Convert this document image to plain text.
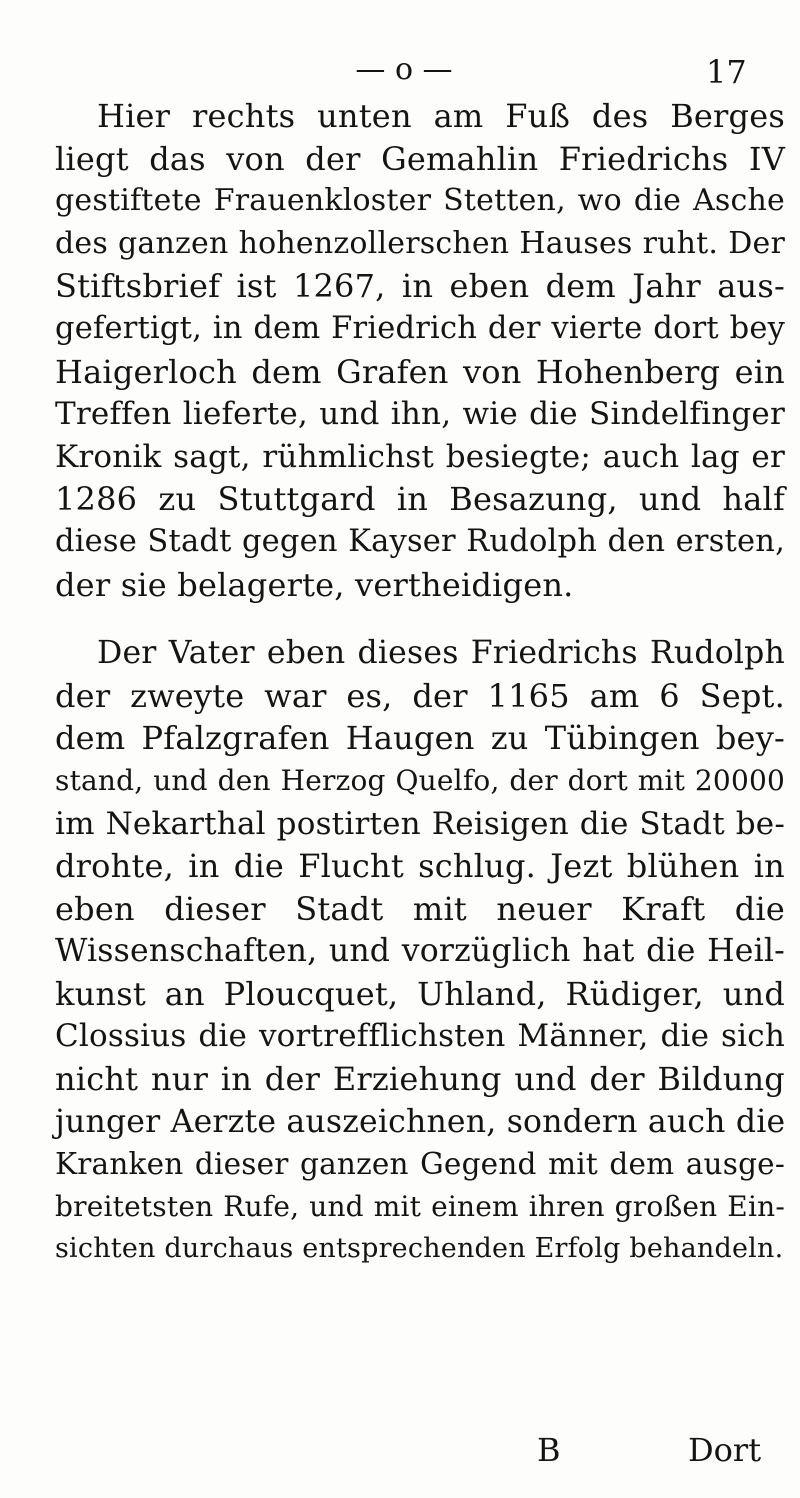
— o —	17
Hier rechts unten am Fuß des Berges
liegt das von der Gemahlin Friedrichs IV
gestiftete Frauenkloster Stetten, wo die Asche
des ganzen hohenzollerschen Hauses ruht. Der
Stiftsbrief ist 1267, in eben dem Jahr aus-
gefertigt, in dem Friedrich der vierte dort bey
Haigerloch dem Grafen von Hohenberg ein
Treffen lieferte, und ihn, wie die Sindelfinger
Kronik sagt, rühmlichst besiegte; auch lag er
1286 zu Stuttgard in Besazung, und half
diese Stadt gegen Kayser Rudolph den ersten,
der sie belagerte, vertheidigen.
Der Vater eben dieses Friedrichs Rudolph
der zweyte war es, der 1165 am 6 Sept.
dem Pfalzgrafen Haugen zu Tübingen bey-
stand, und den Herzog Quelfo, der dort mit 20000
im Nekarthal postirten Reisigen die Stadt be-
drohte, in die Flucht schlug. Jezt blühen in
eben dieser Stadt mit neuer Kraft die
Wissenschaften, und vorzüglich hat die Heil-
kunst an Ploucquet, Uhland, Rüdiger, und
Clossius die vortrefflichsten Männer, die sich
nicht nur in der Erziehung und der Bildung
junger Aerzte auszeichnen, sondern auch die
Kranken dieser ganzen Gegend mit dem ausge-
breitetsten Rufe, und mit einem ihren großen Ein-
sichten durchaus entsprechenden Erfolg behandeln.
B	Dort
